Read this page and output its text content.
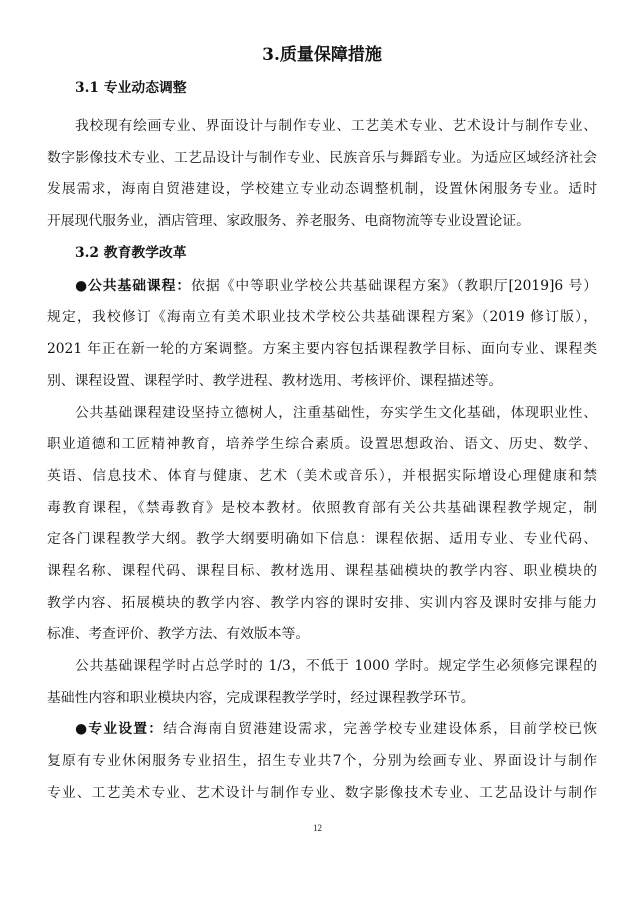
3.质量保障措施
3.1 专业动态调整
我校现有绘画专业、界面设计与制作专业、工艺美术专业、艺术设计与制作专业、
数字影像技术专业、工艺品设计与制作专业、民族音乐与舞蹈专业。为适应区域经济社会
发展需求，海南自贸港建设，学校建立专业动态调整机制，设置休闲服务专业。适时
开展现代服务业，酒店管理、家政服务、养老服务、电商物流等专业设置论证。
3.2 教育教学改革
●公共基础课程：依据《中等职业学校公共基础课程方案》（教职厅[2019]6 号）
规定，我校修订《海南立有美术职业技术学校公共基础课程方案》（2019 修订版），
2021 年正在新一轮的方案调整。方案主要内容包括课程教学目标、面向专业、课程类
别、课程设置、课程学时、教学进程、教材选用、考核评价、课程描述等。
公共基础课程建设坚持立德树人，注重基础性，夯实学生文化基础，体现职业性、
职业道德和工匠精神教育，培养学生综合素质。设置思想政治、语文、历史、数学、
英语、信息技术、体育与健康、艺术（美术或音乐），并根据实际增设心理健康和禁
毒教育课程，《禁毒教育》是校本教材。依照教育部有关公共基础课程教学规定，制
定各门课程教学大纲。教学大纲要明确如下信息：课程依据、适用专业、专业代码、
课程名称、课程代码、课程目标、教材选用、课程基础模块的教学内容、职业模块的
教学内容、拓展模块的教学内容、教学内容的课时安排、实训内容及课时安排与能力
标准、考查评价、教学方法、有效版本等。
公共基础课程学时占总学时的 1/3，不低于 1000 学时。规定学生必须修完课程的
基础性内容和职业模块内容，完成课程教学学时，经过课程教学环节。
●专业设置：结合海南自贸港建设需求，完善学校专业建设体系，目前学校已恢
复原有专业休闲服务专业招生，招生专业共7个，分别为绘画专业、界面设计与制作
专业、工艺美术专业、艺术设计与制作专业、数字影像技术专业、工艺品设计与制作
12
